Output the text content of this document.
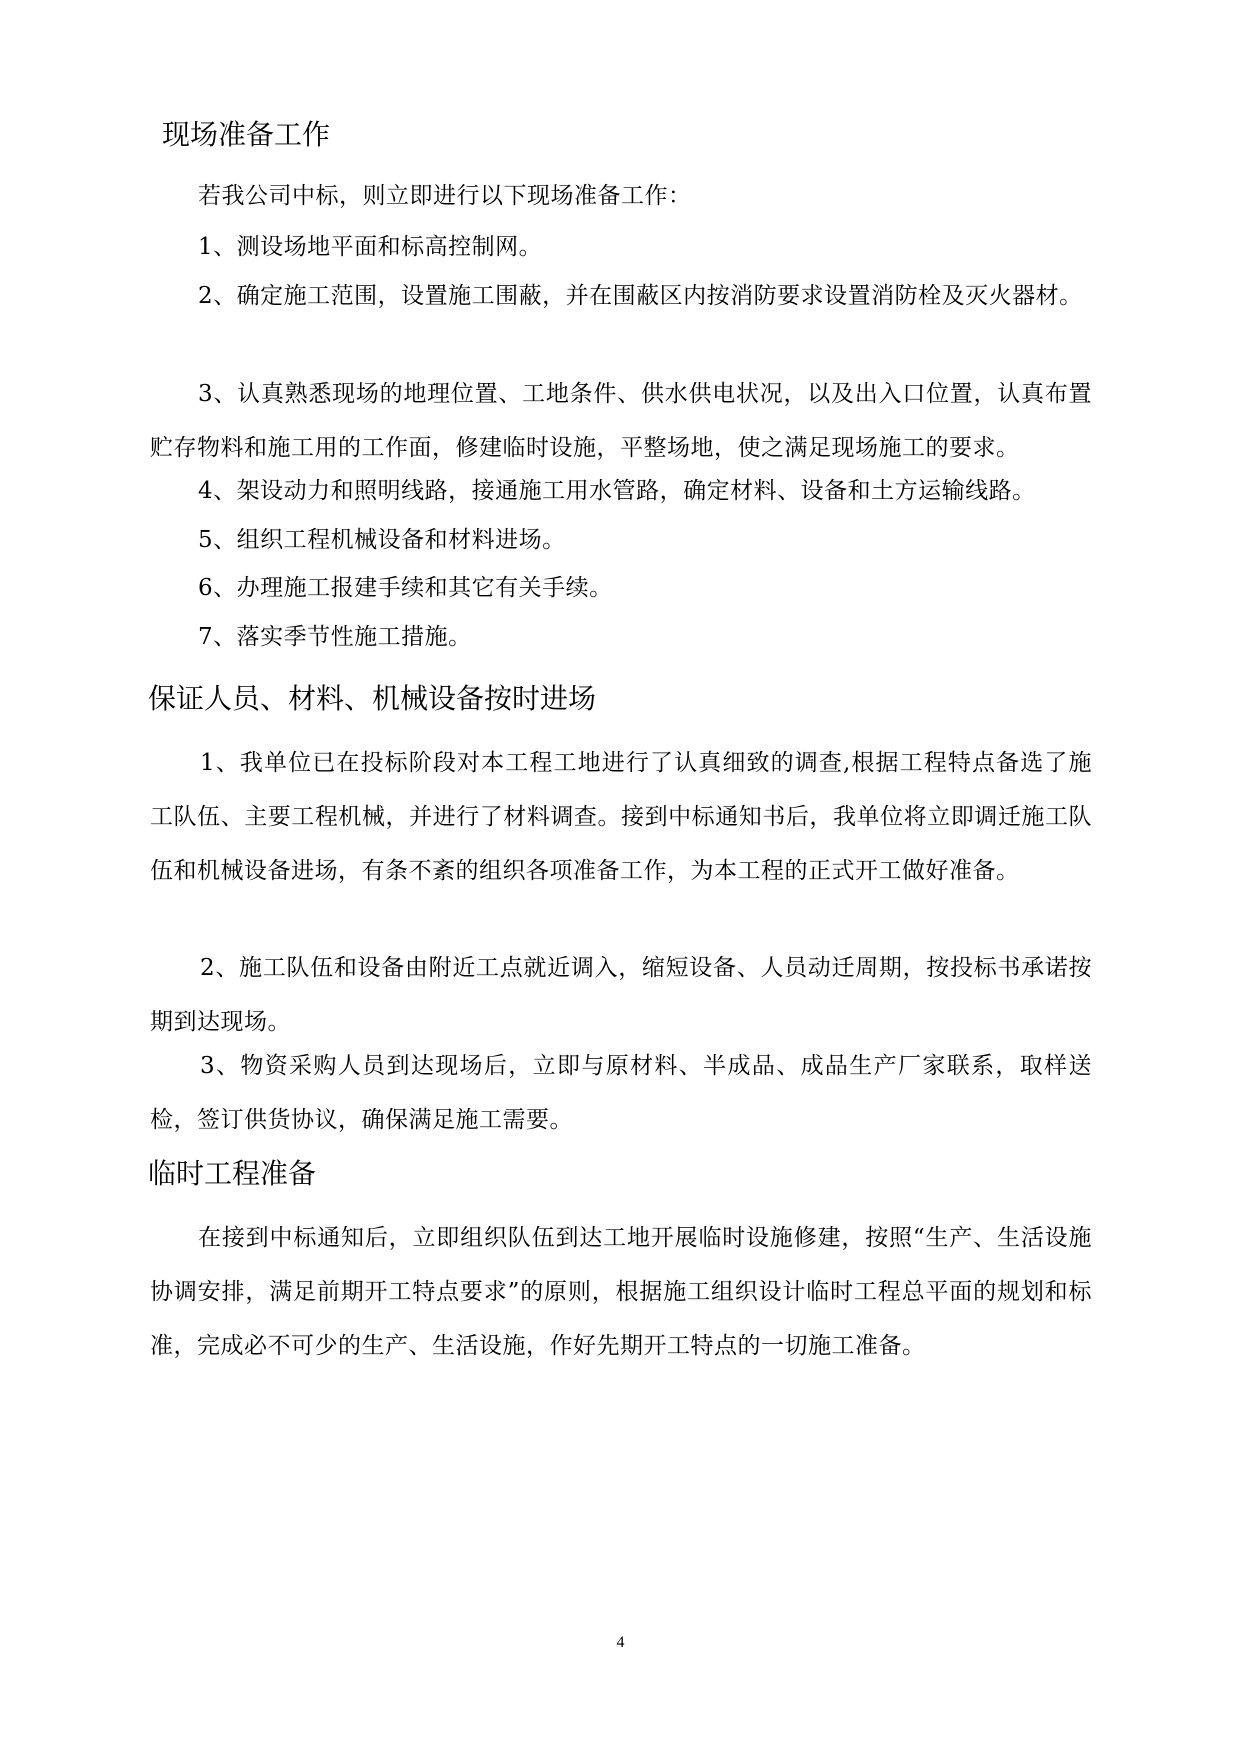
现场准备工作

若我公司中标，则立即进行以下现场准备工作：

1、测设场地平面和标高控制网。

2、确定施工范围，设置施工围蔽，并在围蔽区内按消防要求设置消防栓及灭火器材。

3、认真熟悉现场的地理位置、工地条件、供水供电状况，以及出入口位置，认真布置贮存物料和施工用的工作面，修建临时设施，平整场地，使之满足现场施工的要求。

4、架设动力和照明线路，接通施工用水管路，确定材料、设备和土方运输线路。

5、组织工程机械设备和材料进场。

6、办理施工报建手续和其它有关手续。

7、落实季节性施工措施。

保证人员、材料、机械设备按时进场

1、我单位已在投标阶段对本工程工地进行了认真细致的调查,根据工程特点备选了施工队伍、主要工程机械，并进行了材料调查。接到中标通知书后，我单位将立即调迁施工队伍和机械设备进场，有条不紊的组织各项准备工作，为本工程的正式开工做好准备。

2、施工队伍和设备由附近工点就近调入，缩短设备、人员动迁周期，按投标书承诺按期到达现场。

3、物资采购人员到达现场后，立即与原材料、半成品、成品生产厂家联系，取样送检，签订供货协议，确保满足施工需要。

临时工程准备

在接到中标通知后，立即组织队伍到达工地开展临时设施修建，按照“生产、生活设施协调安排，满足前期开工特点要求”的原则，根据施工组织设计临时工程总平面的规划和标准，完成必不可少的生产、生活设施，作好先期开工特点的一切施工准备。

4
